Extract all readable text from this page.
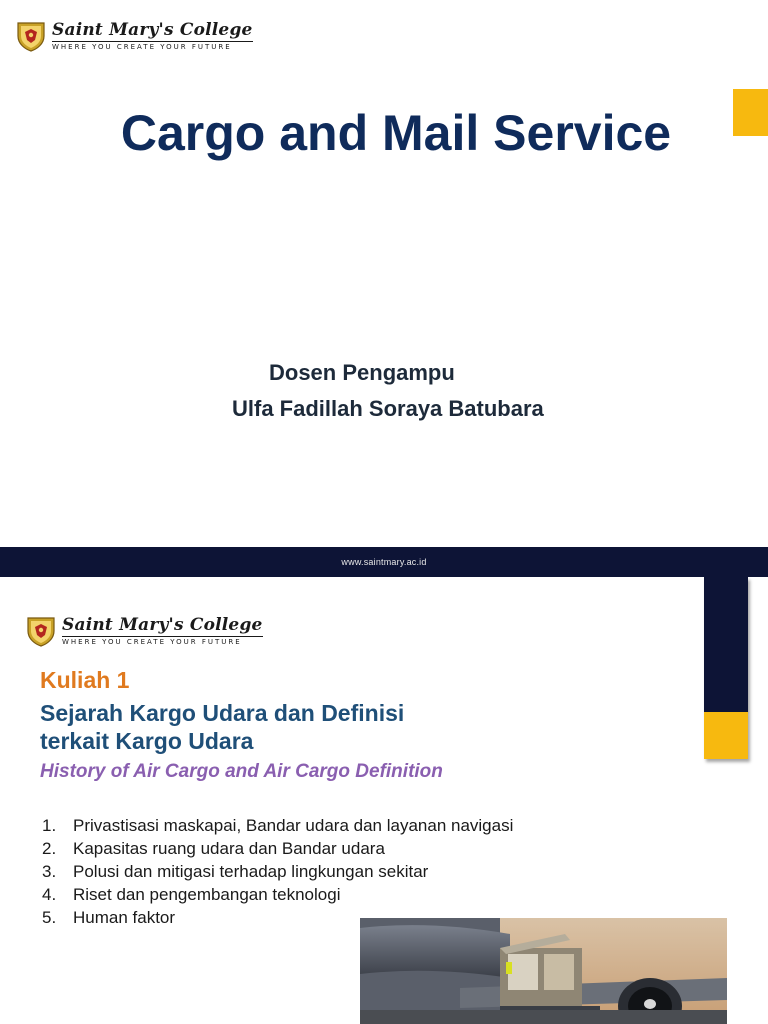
Saint Mary's College
WHERE YOU CREATE YOUR FUTURE
Cargo and Mail Service
Dosen Pengampu
Ulfa Fadillah Soraya Batubara
www.saintmary.ac.id
Saint Mary's College
WHERE YOU CREATE YOUR FUTURE
Kuliah 1
Sejarah Kargo Udara dan Definisi
terkait Kargo Udara
History of Air Cargo and Air Cargo Definition
1. Privastisasi maskapai, Bandar udara dan layanan navigasi
2. Kapasitas ruang udara dan Bandar udara
3. Polusi dan mitigasi terhadap lingkungan sekitar
4. Riset dan pengembangan teknologi
5. Human faktor
